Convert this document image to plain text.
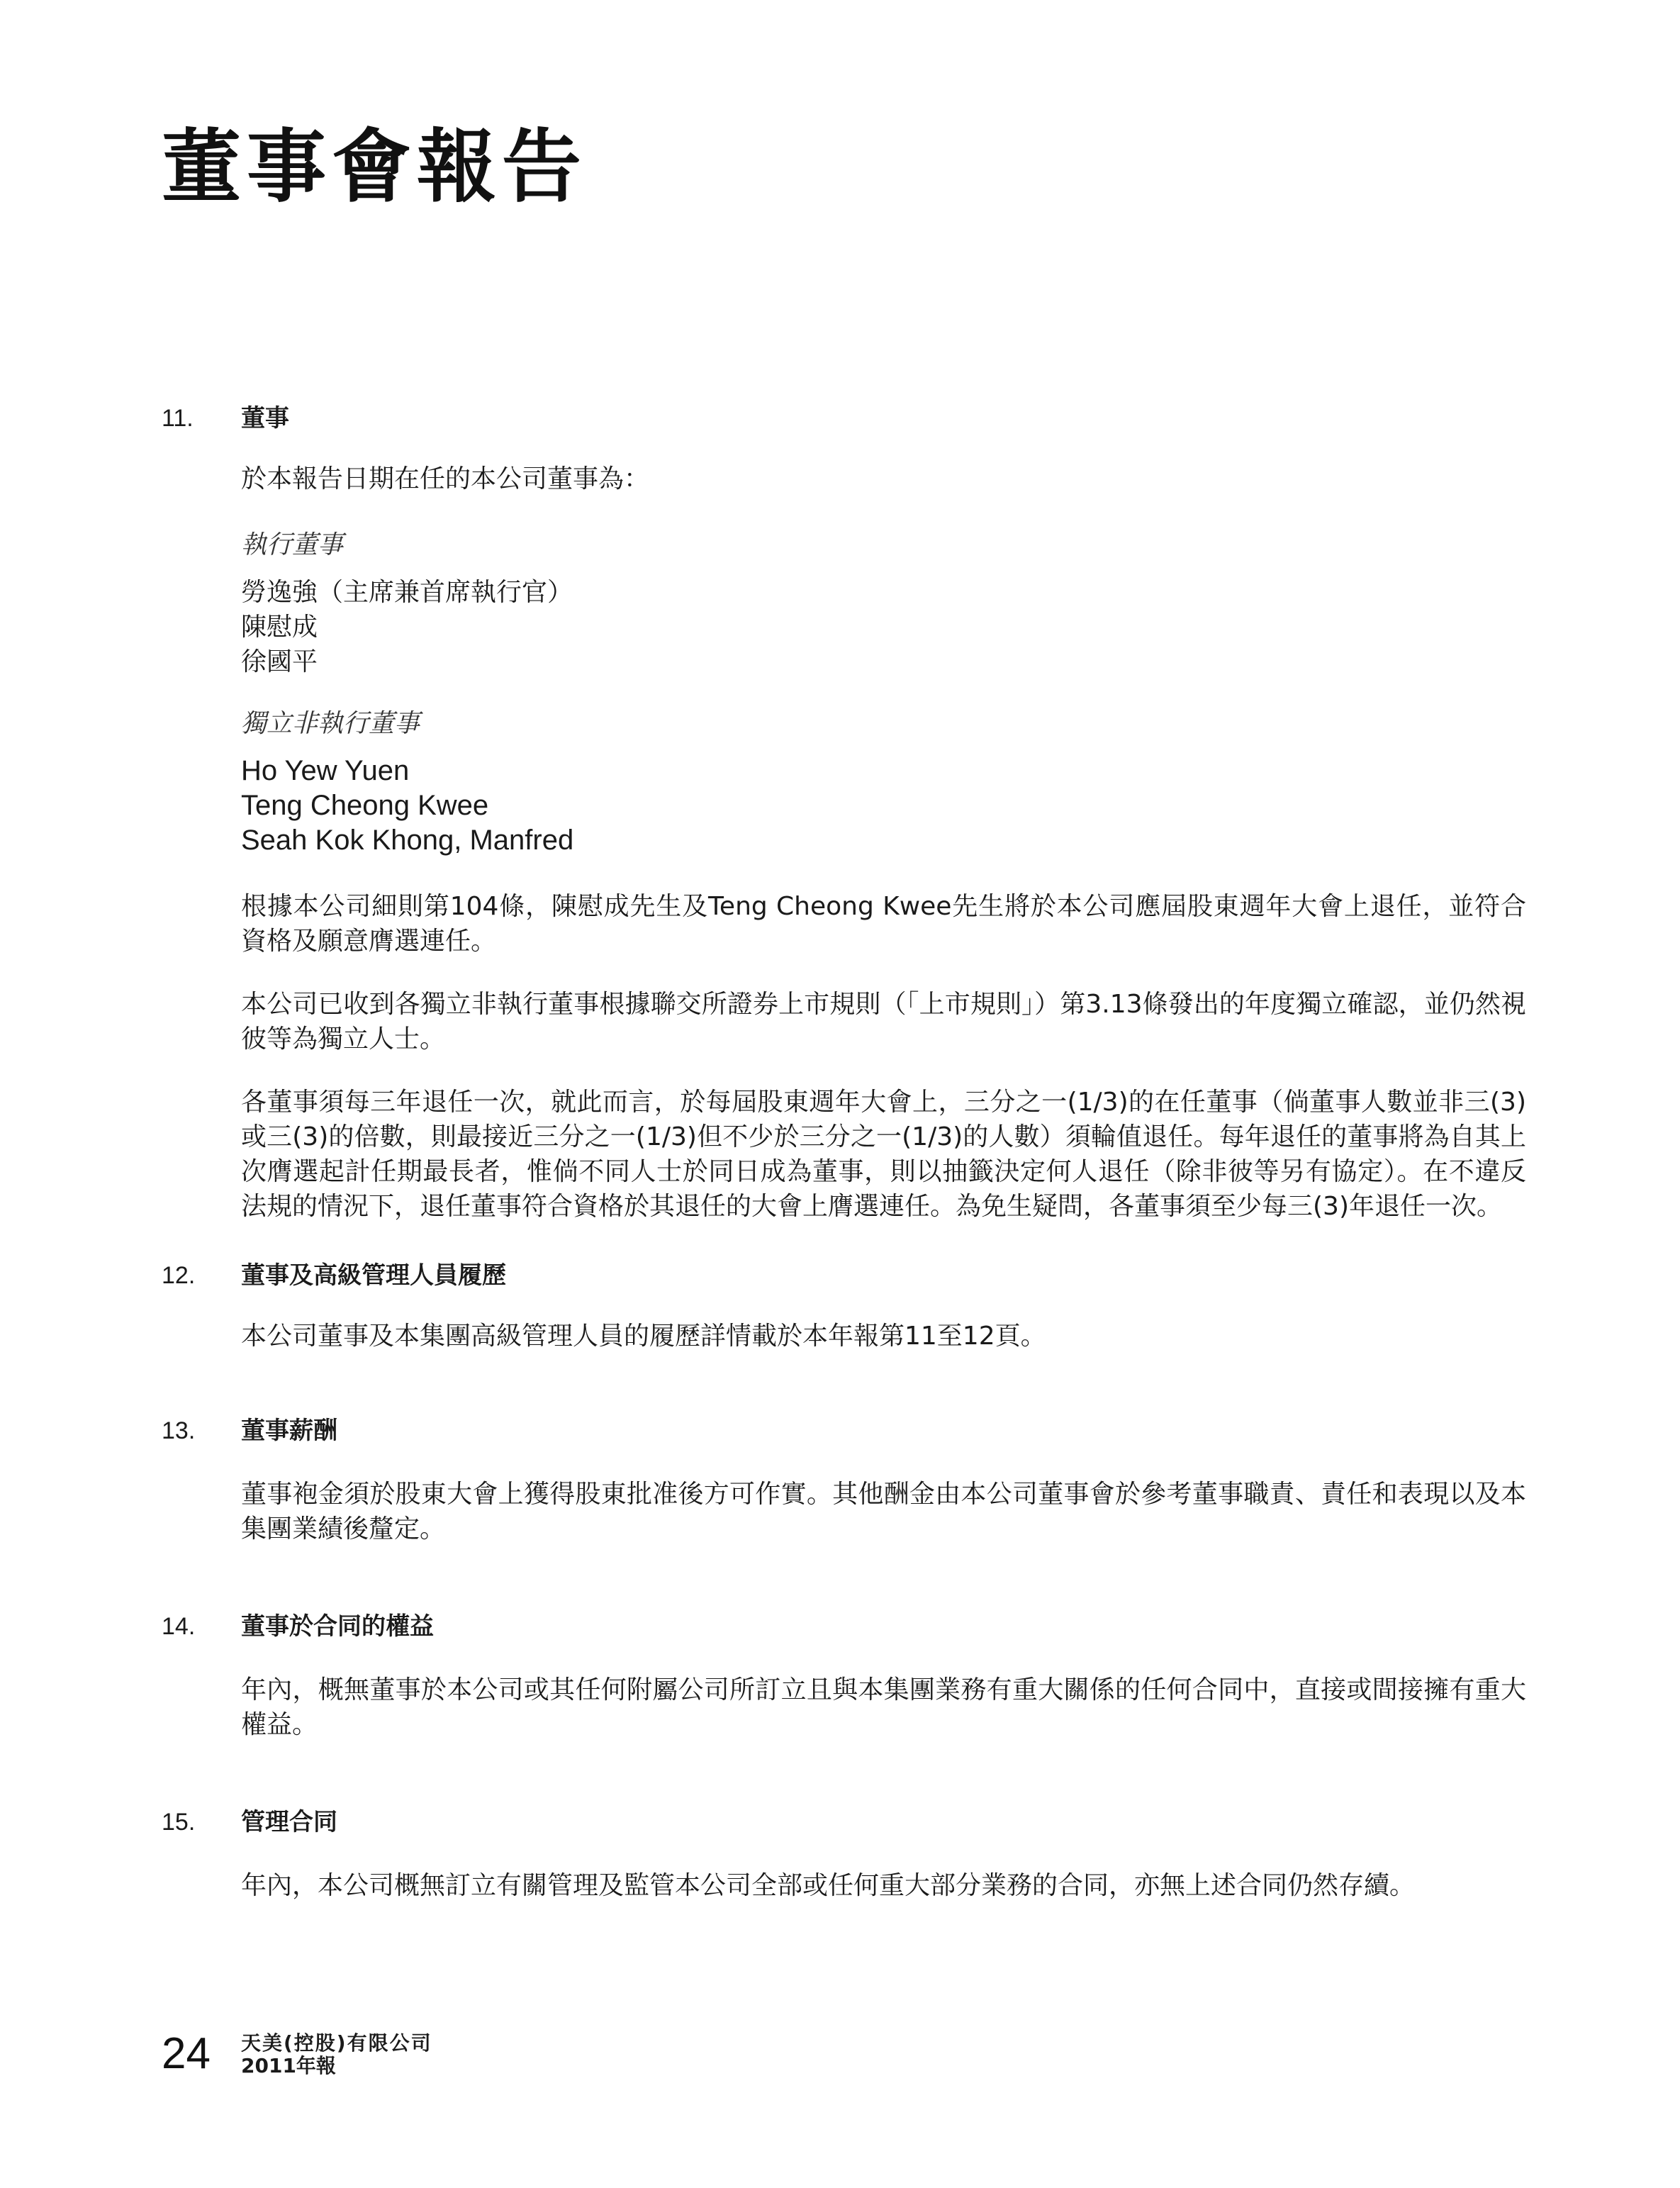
董事會報告
11.	董事

於本報告日期在任的本公司董事為：

執行董事
勞逸強（主席兼首席執行官）
陳慰成
徐國平
獨立非執行董事
Ho Yew Yuen
Teng Cheong Kwee
Seah Kok Khong, Manfred

根據本公司細則第104條，陳慰成先生及Teng Cheong Kwee先生將於本公司應屆股東週年大會上退任，並符合資格及願意膺選連任。

本公司已收到各獨立非執行董事根據聯交所證券上市規則（「上市規則」）第3.13條發出的年度獨立確認，並仍然視彼等為獨立人士。

各董事須每三年退任一次，就此而言，於每屆股東週年大會上，三分之一(1/3)的在任董事（倘董事人數並非三(3)或三(3)的倍數，則最接近三分之一(1/3)但不少於三分之一(1/3)的人數）須輪值退任。每年退任的董事將為自其上次膺選起計任期最長者，惟倘不同人士於同日成為董事，則以抽籤決定何人退任（除非彼等另有協定）。在不違反法規的情況下，退任董事符合資格於其退任的大會上膺選連任。為免生疑問，各董事須至少每三(3)年退任一次。

12.	董事及高級管理人員履歷

本公司董事及本集團高級管理人員的履歷詳情載於本年報第11至12頁。

13.	董事薪酬

董事袍金須於股東大會上獲得股東批准後方可作實。其他酬金由本公司董事會於參考董事職責、責任和表現以及本集團業績後釐定。

14.	董事於合同的權益

年內，概無董事於本公司或其任何附屬公司所訂立且與本集團業務有重大關係的任何合同中，直接或間接擁有重大權益。

15.	管理合同

年內，本公司概無訂立有關管理及監管本公司全部或任何重大部分業務的合同，亦無上述合同仍然存續。

24 天美(控股)有限公司
2011年報
